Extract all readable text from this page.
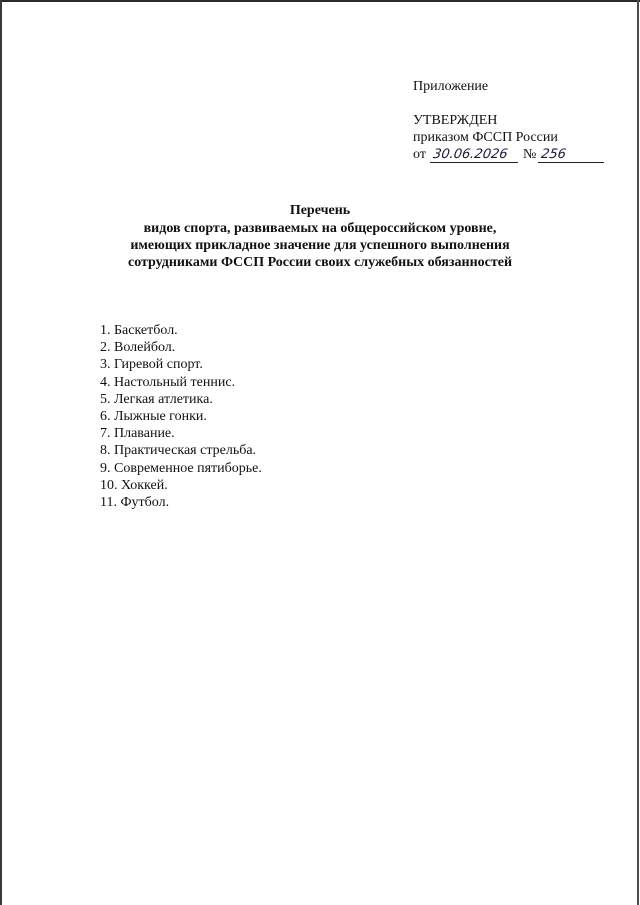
Приложение
УТВЕРЖДЕН
приказом ФССП России
от 30.06.2026	№ 256
Перечень
видов спорта, развиваемых на общероссийском уровне,
имеющих прикладное значение для успешного выполнения
сотрудниками ФССП России своих служебных обязанностей
1. Баскетбол.
2. Волейбол.
3. Гиревой спорт.
4. Настольный теннис.
5. Легкая атлетика.
6. Лыжные гонки.
7. Плавание.
8. Практическая стрельба.
9. Современное пятиборье.
10. Хоккей.
11. Футбол.
